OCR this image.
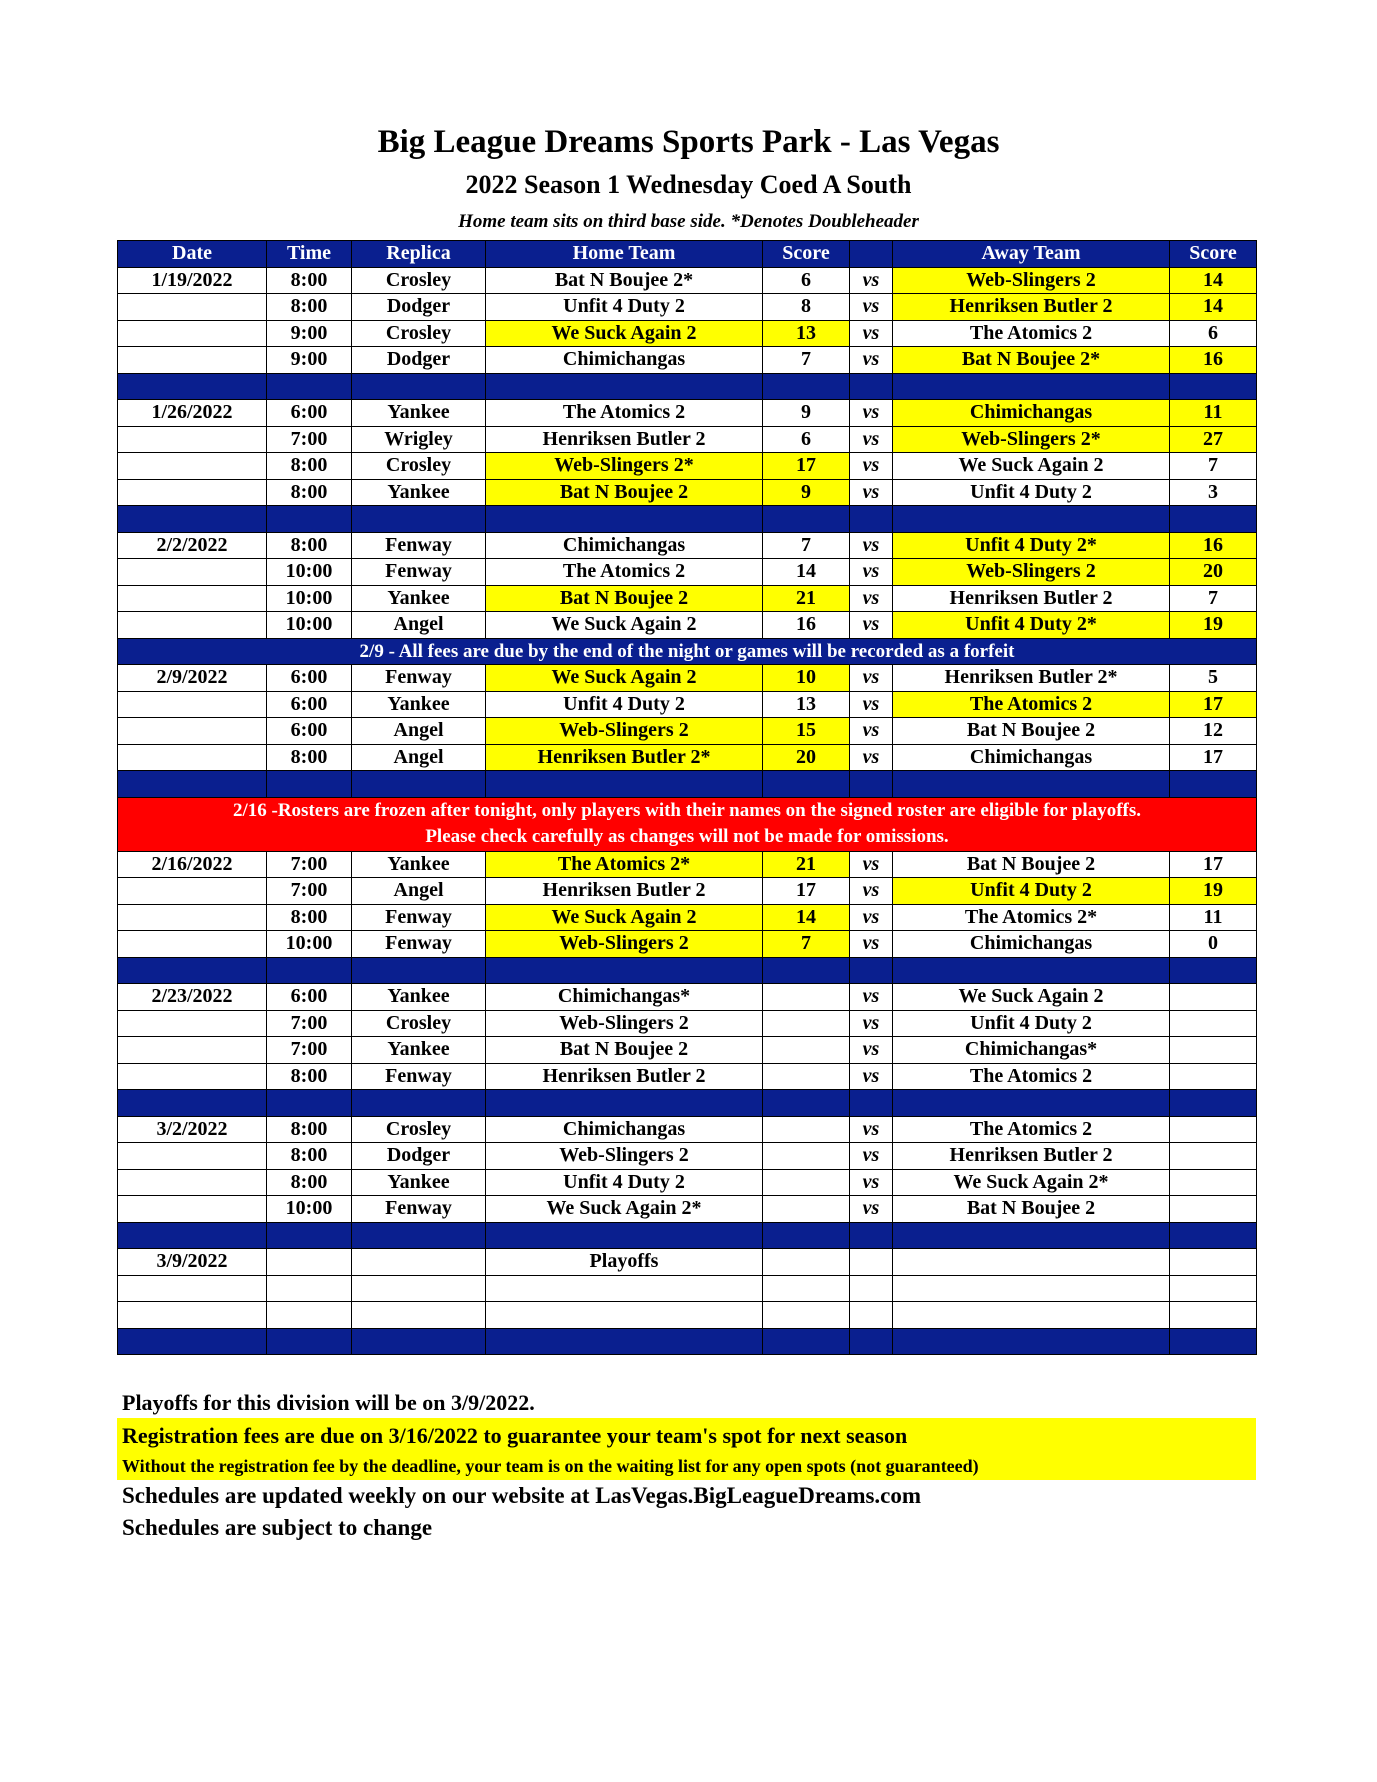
Big League Dreams Sports Park - Las Vegas
2022 Season 1 Wednesday Coed A South
Home team sits on third base side. *Denotes Doubleheader
Date	Time	Replica	Home Team	Score		Away Team	Score
1/19/2022	8:00	Crosley	Bat N Boujee 2*	6	vs	Web-Slingers 2	14
	8:00	Dodger	Unfit 4 Duty 2	8	vs	Henriksen Butler 2	14
	9:00	Crosley	We Suck Again 2	13	vs	The Atomics 2	6
	9:00	Dodger	Chimichangas	7	vs	Bat N Boujee 2*	16

1/26/2022	6:00	Yankee	The Atomics 2	9	vs	Chimichangas	11
	7:00	Wrigley	Henriksen Butler 2	6	vs	Web-Slingers 2*	27
	8:00	Crosley	Web-Slingers 2*	17	vs	We Suck Again 2	7
	8:00	Yankee	Bat N Boujee 2	9	vs	Unfit 4 Duty 2	3

2/2/2022	8:00	Fenway	Chimichangas	7	vs	Unfit 4 Duty 2*	16
	10:00	Fenway	The Atomics 2	14	vs	Web-Slingers 2	20
	10:00	Yankee	Bat N Boujee 2	21	vs	Henriksen Butler 2	7
	10:00	Angel	We Suck Again 2	16	vs	Unfit 4 Duty 2*	19
2/9 - All fees are due by the end of the night or games will be recorded as a forfeit							
2/9/2022	6:00	Fenway	We Suck Again 2	10	vs	Henriksen Butler 2*	5
	6:00	Yankee	Unfit 4 Duty 2	13	vs	The Atomics 2	17
	6:00	Angel	Web-Slingers 2	15	vs	Bat N Boujee 2	12
	8:00	Angel	Henriksen Butler 2*	20	vs	Chimichangas	17

2/16 -Rosters are frozen after tonight, only players with their names on the signed roster are eligible for playoffs.
Please check carefully as changes will not be made for omissions.							

2/16/2022	7:00	Yankee	The Atomics 2*	21	vs	Bat N Boujee 2	17
	7:00	Angel	Henriksen Butler 2	17	vs	Unfit 4 Duty 2	19
	8:00	Fenway	We Suck Again 2	14	vs	The Atomics 2*	11
	10:00	Fenway	Web-Slingers 2	7	vs	Chimichangas	0

2/23/2022	6:00	Yankee	Chimichangas*		vs	We Suck Again 2	
	7:00	Crosley	Web-Slingers 2		vs	Unfit 4 Duty 2	
	7:00	Yankee	Bat N Boujee 2		vs	Chimichangas*	
	8:00	Fenway	Henriksen Butler 2		vs	The Atomics 2	

3/2/2022	8:00	Crosley	Chimichangas		vs	The Atomics 2	
	8:00	Dodger	Web-Slingers 2		vs	Henriksen Butler 2	
	8:00	Yankee	Unfit 4 Duty 2		vs	We Suck Again 2*	
	10:00	Fenway	We Suck Again 2*		vs	Bat N Boujee 2	

3/9/2022			Playoffs				

Playoffs for this division will be on 3/9/2022.
Registration fees are due on 3/16/2022 to guarantee your team's spot for next season
Without the registration fee by the deadline, your team is on the waiting list for any open spots (not guaranteed)
Schedules are updated weekly on our website at LasVegas.BigLeagueDreams.com
Schedules are subject to change
